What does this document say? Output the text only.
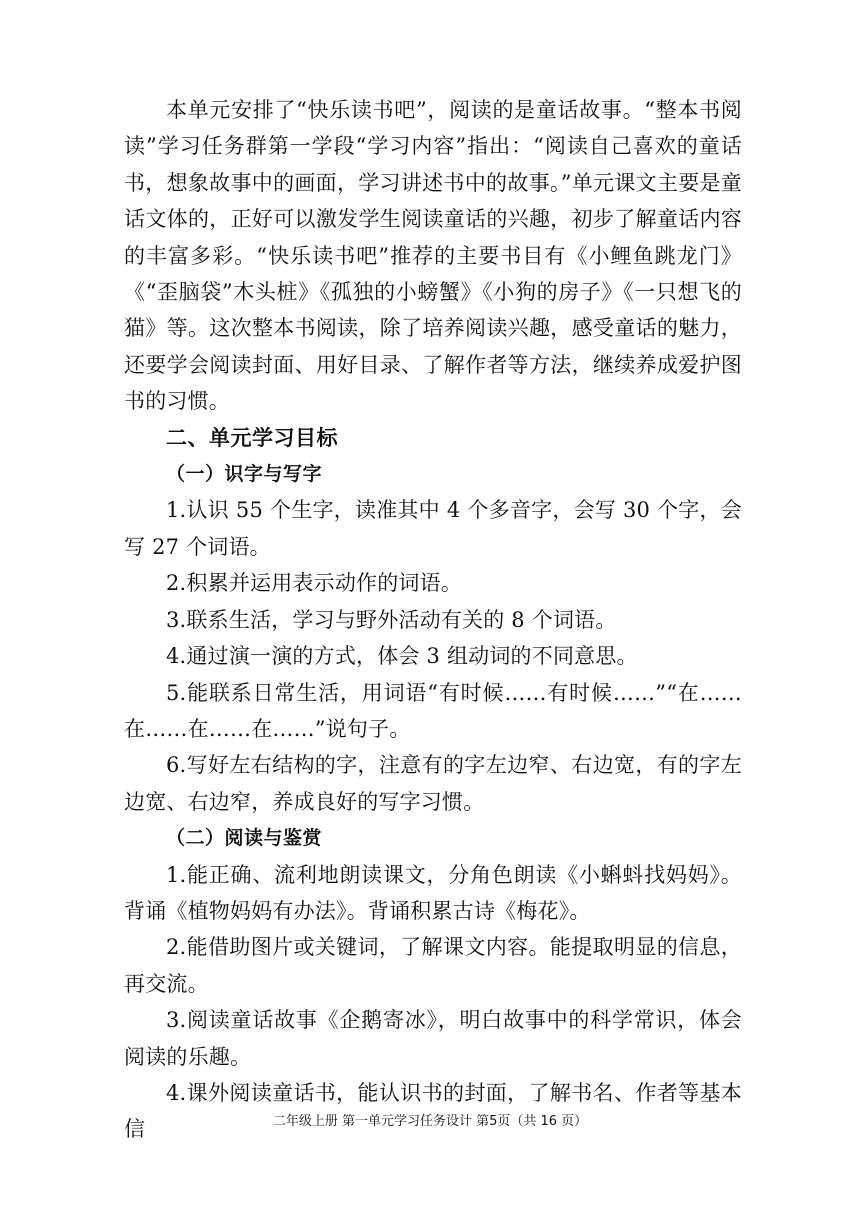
本单元安排了“快乐读书吧”，阅读的是童话故事。“整本书阅读”学习任务群第一学段“学习内容”指出：“阅读自己喜欢的童话书，想象故事中的画面，学习讲述书中的故事。”单元课文主要是童话文体的，正好可以激发学生阅读童话的兴趣，初步了解童话内容的丰富多彩。“快乐读书吧”推荐的主要书目有《小鲤鱼跳龙门》《“歪脑袋”木头桩》《孤独的小螃蟹》《小狗的房子》《一只想飞的猫》等。这次整本书阅读，除了培养阅读兴趣，感受童话的魅力，还要学会阅读封面、用好目录、了解作者等方法，继续养成爱护图书的习惯。

二、单元学习目标

（一）识字与写字

1.认识 55 个生字，读准其中 4 个多音字，会写 30 个字，会写 27 个词语。

2.积累并运用表示动作的词语。

3.联系生活，学习与野外活动有关的 8 个词语。

4.通过演一演的方式，体会 3 组动词的不同意思。

5.能联系日常生活，用词语“有时候……有时候……”“在……在……在……在……”说句子。

6.写好左右结构的字，注意有的字左边窄、右边宽，有的字左边宽、右边窄，养成良好的写字习惯。

（二）阅读与鉴赏

1.能正确、流利地朗读课文，分角色朗读《小蝌蚪找妈妈》。背诵《植物妈妈有办法》。背诵积累古诗《梅花》。

2.能借助图片或关键词，了解课文内容。能提取明显的信息，再交流。

3.阅读童话故事《企鹅寄冰》，明白故事中的科学常识，体会阅读的乐趣。

4.课外阅读童话书，能认识书的封面，了解书名、作者等基本信	二年级上册 第一单元学习任务设计 第5页（共 16 页）
